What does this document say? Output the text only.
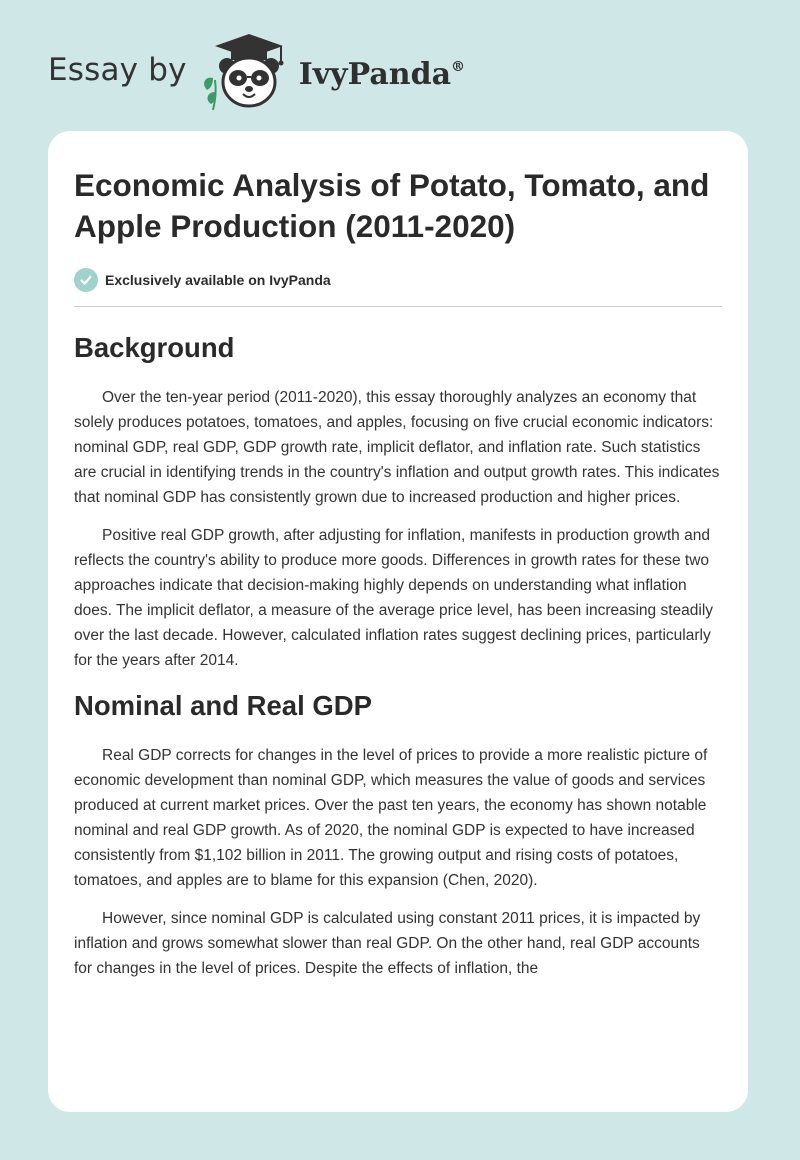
Essay by	IvyPanda®
Economic Analysis of Potato, Tomato, and Apple Production (2011-2020)
Exclusively available on IvyPanda
Background

Over the ten-year period (2011-2020), this essay thoroughly analyzes an economy that solely produces potatoes, tomatoes, and apples, focusing on five crucial economic indicators: nominal GDP, real GDP, GDP growth rate, implicit deflator, and inflation rate. Such statistics are crucial in identifying trends in the country's inflation and output growth rates. This indicates that nominal GDP has consistently grown due to increased production and higher prices.

Positive real GDP growth, after adjusting for inflation, manifests in production growth and reflects the country's ability to produce more goods. Differences in growth rates for these two approaches indicate that decision-making highly depends on understanding what inflation does. The implicit deflator, a measure of the average price level, has been increasing steadily over the last decade. However, calculated inflation rates suggest declining prices, particularly for the years after 2014.

Nominal and Real GDP

Real GDP corrects for changes in the level of prices to provide a more realistic picture of economic development than nominal GDP, which measures the value of goods and services produced at current market prices. Over the past ten years, the economy has shown notable nominal and real GDP growth. As of 2020, the nominal GDP is expected to have increased consistently from $1,102 billion in 2011. The growing output and rising costs of potatoes, tomatoes, and apples are to blame for this expansion (Chen, 2020).

However, since nominal GDP is calculated using constant 2011 prices, it is impacted by inflation and grows somewhat slower than real GDP. On the other hand, real GDP accounts for changes in the level of prices. Despite the effects of inflation, the
